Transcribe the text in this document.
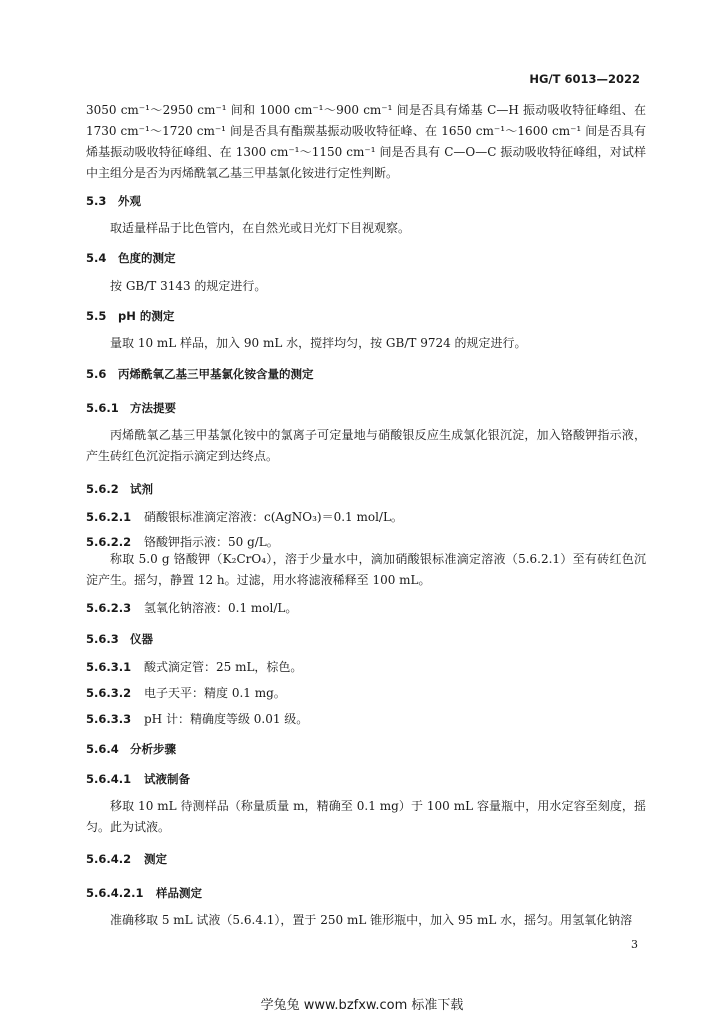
HG/T 6013—2022
3050 cm⁻¹～2950 cm⁻¹ 间和 1000 cm⁻¹～900 cm⁻¹ 间是否具有烯基 C—H 振动吸收特征峰组、在 1730 cm⁻¹～1720 cm⁻¹ 间是否具有酯羰基振动吸收特征峰、在 1650 cm⁻¹～1600 cm⁻¹ 间是否具有烯基振动吸收特征峰组、在 1300 cm⁻¹～1150 cm⁻¹ 间是否具有 C—O—C 振动吸收特征峰组，对试样中主组分是否为丙烯酰氧乙基三甲基氯化铵进行定性判断。
5.3 外观
取适量样品于比色管内，在自然光或日光灯下目视观察。
5.4 色度的测定
按 GB/T 3143 的规定进行。
5.5 pH 的测定
量取 10 mL 样品，加入 90 mL 水，搅拌均匀，按 GB/T 9724 的规定进行。
5.6 丙烯酰氧乙基三甲基氯化铵含量的测定
5.6.1 方法提要
丙烯酰氧乙基三甲基氯化铵中的氯离子可定量地与硝酸银反应生成氯化银沉淀，加入铬酸钾指示液，产生砖红色沉淀指示滴定到达终点。
5.6.2 试剂
5.6.2.1 硝酸银标准滴定溶液：c(AgNO₃)＝0.1 mol/L。
5.6.2.2 铬酸钾指示液：50 g/L。
称取 5.0 g 铬酸钾（K₂CrO₄），溶于少量水中，滴加硝酸银标准滴定溶液（5.6.2.1）至有砖红色沉淀产生。摇匀，静置 12 h。过滤，用水将滤液稀释至 100 mL。
5.6.2.3 氢氧化钠溶液：0.1 mol/L。
5.6.3 仪器
5.6.3.1 酸式滴定管：25 mL，棕色。
5.6.3.2 电子天平：精度 0.1 mg。
5.6.3.3 pH 计：精确度等级 0.01 级。
5.6.4 分析步骤
5.6.4.1 试液制备
移取 10 mL 待测样品（称量质量 m，精确至 0.1 mg）于 100 mL 容量瓶中，用水定容至刻度，摇匀。此为试液。
5.6.4.2 测定
5.6.4.2.1 样品测定
准确移取 5 mL 试液（5.6.4.1），置于 250 mL 锥形瓶中，加入 95 mL 水，摇匀。用氢氧化钠溶
3
学兔兔 www.bzfxw.com 标准下载
